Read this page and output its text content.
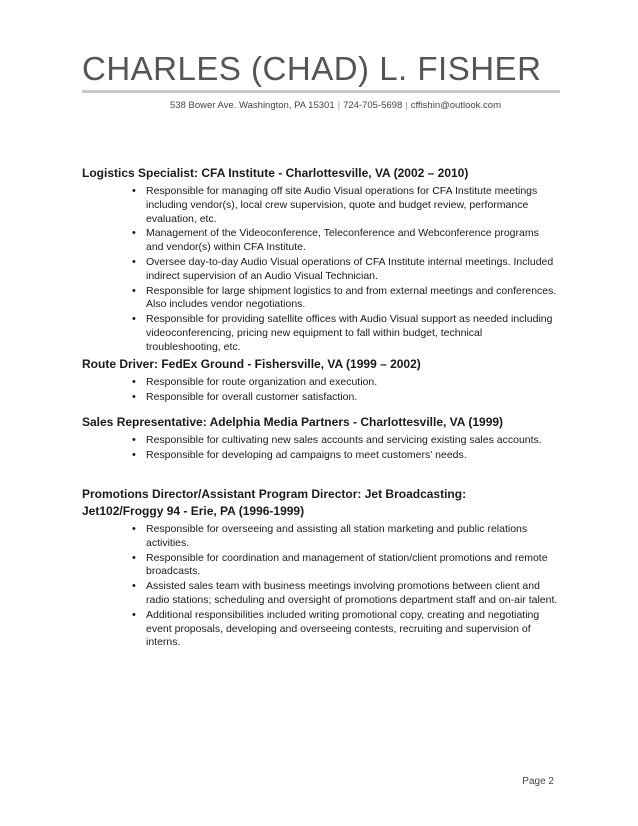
CHARLES (CHAD) L. FISHER
538 Bower Ave. Washington, PA 15301 | 724-705-5698 | cffishin@outlook.com
Logistics Specialist: CFA Institute - Charlottesville, VA (2002 – 2010)
• Responsible for managing off site Audio Visual operations for CFA Institute meetings including vendor(s), local crew supervision, quote and budget review, performance evaluation, etc.
• Management of the Videoconference, Teleconference and Webconference programs and vendor(s) within CFA Institute.
• Oversee day-to-day Audio Visual operations of CFA Institute internal meetings. Included indirect supervision of an Audio Visual Technician.
• Responsible for large shipment logistics to and from external meetings and conferences. Also includes vendor negotiations.
• Responsible for providing satellite offices with Audio Visual support as needed including videoconferencing, pricing new equipment to fall within budget, technical troubleshooting, etc.
Route Driver: FedEx Ground - Fishersville, VA (1999 – 2002)
• Responsible for route organization and execution.
• Responsible for overall customer satisfaction.
Sales Representative: Adelphia Media Partners - Charlottesville, VA (1999)
• Responsible for cultivating new sales accounts and servicing existing sales accounts.
• Responsible for developing ad campaigns to meet customers' needs.
Promotions Director/Assistant Program Director: Jet Broadcasting:
Jet102/Froggy 94 - Erie, PA (1996-1999)
• Responsible for overseeing and assisting all station marketing and public relations activities.
• Responsible for coordination and management of station/client promotions and remote broadcasts.
• Assisted sales team with business meetings involving promotions between client and radio stations; scheduling and oversight of promotions department staff and on-air talent.
• Additional responsibilities included writing promotional copy, creating and negotiating event proposals, developing and overseeing contests, recruiting and supervision of interns.
Page 2
